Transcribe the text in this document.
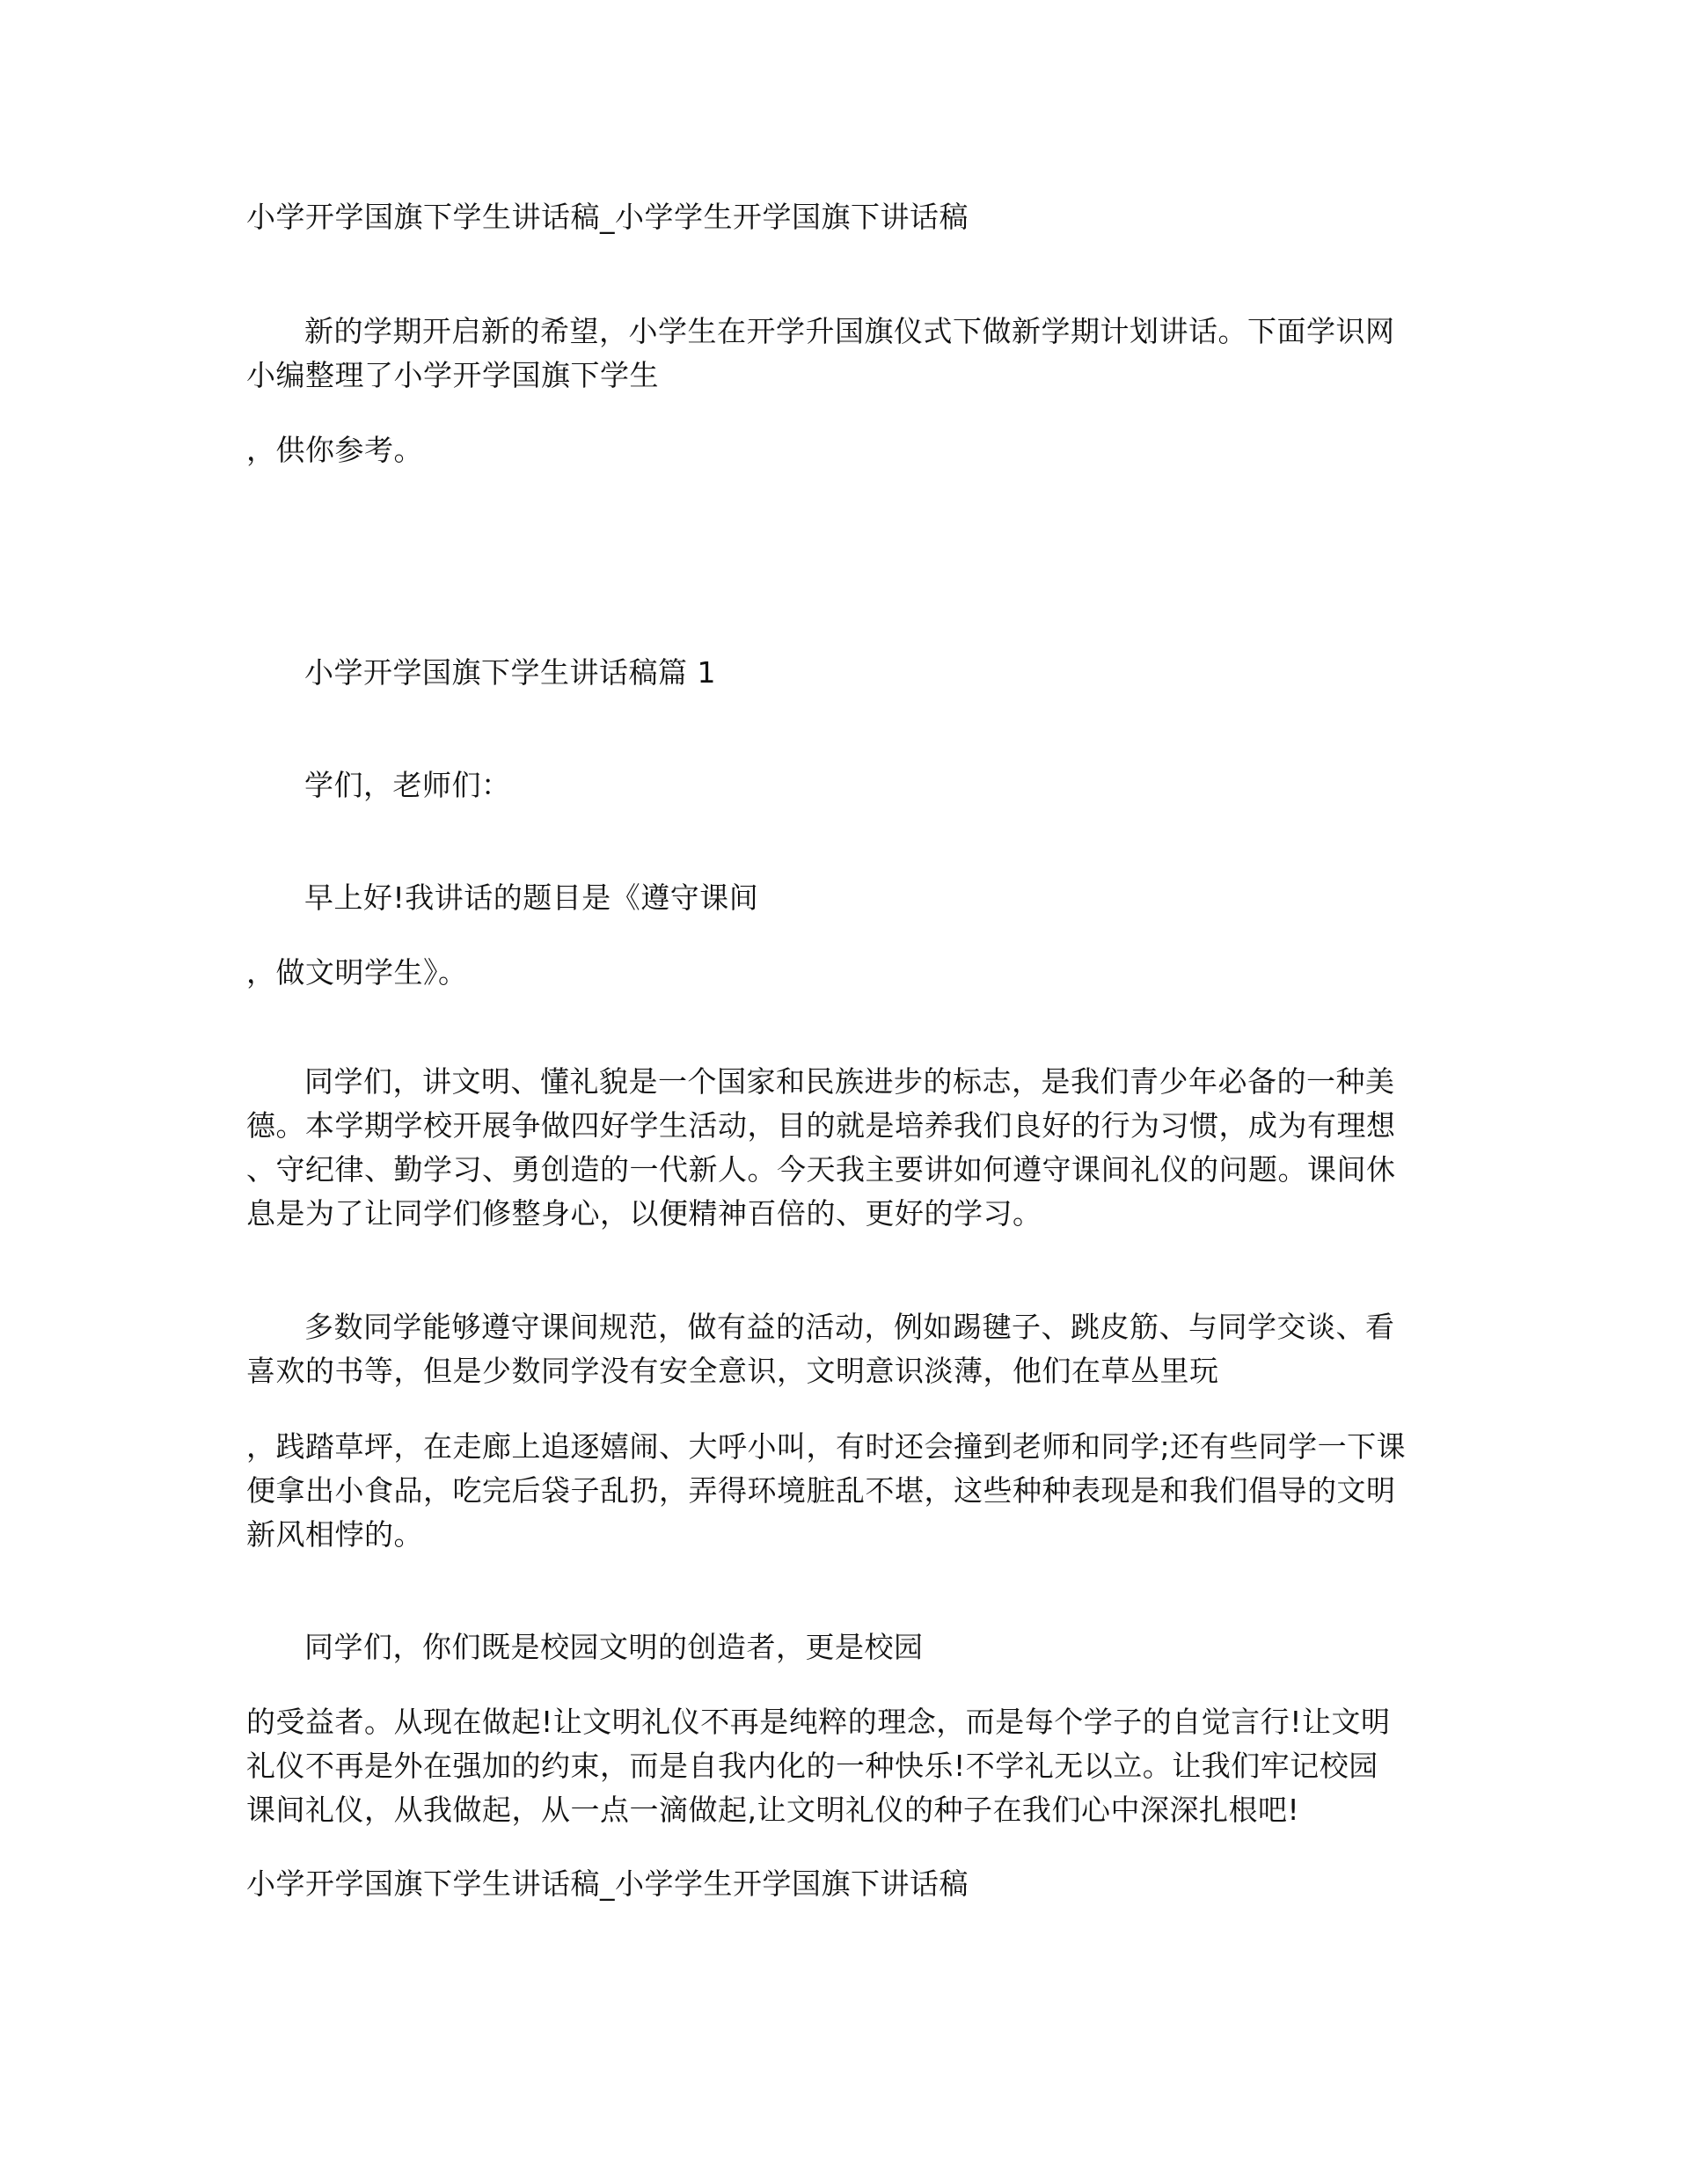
小学开学国旗下学生讲话稿_小学学生开学国旗下讲话稿
新的学期开启新的希望，小学生在开学升国旗仪式下做新学期计划讲话。下面学识网
小编整理了小学开学国旗下学生
，供你参考。
小学开学国旗下学生讲话稿篇 1
学们，老师们：
早上好!我讲话的题目是《遵守课间
，做文明学生》。
同学们，讲文明、懂礼貌是一个国家和民族进步的标志，是我们青少年必备的一种美
德。本学期学校开展争做四好学生活动，目的就是培养我们良好的行为习惯，成为有理想
、守纪律、勤学习、勇创造的一代新人。今天我主要讲如何遵守课间礼仪的问题。课间休
息是为了让同学们修整身心，以便精神百倍的、更好的学习。
多数同学能够遵守课间规范，做有益的活动，例如踢毽子、跳皮筋、与同学交谈、看
喜欢的书等，但是少数同学没有安全意识，文明意识淡薄，他们在草丛里玩
，践踏草坪，在走廊上追逐嬉闹、大呼小叫，有时还会撞到老师和同学;还有些同学一下课
便拿出小食品，吃完后袋子乱扔，弄得环境脏乱不堪，这些种种表现是和我们倡导的文明
新风相悖的。
同学们，你们既是校园文明的创造者，更是校园
的受益者。从现在做起!让文明礼仪不再是纯粹的理念，而是每个学子的自觉言行!让文明
礼仪不再是外在强加的约束，而是自我内化的一种快乐!不学礼无以立。让我们牢记校园
课间礼仪，从我做起，从一点一滴做起,让文明礼仪的种子在我们心中深深扎根吧!
小学开学国旗下学生讲话稿_小学学生开学国旗下讲话稿
